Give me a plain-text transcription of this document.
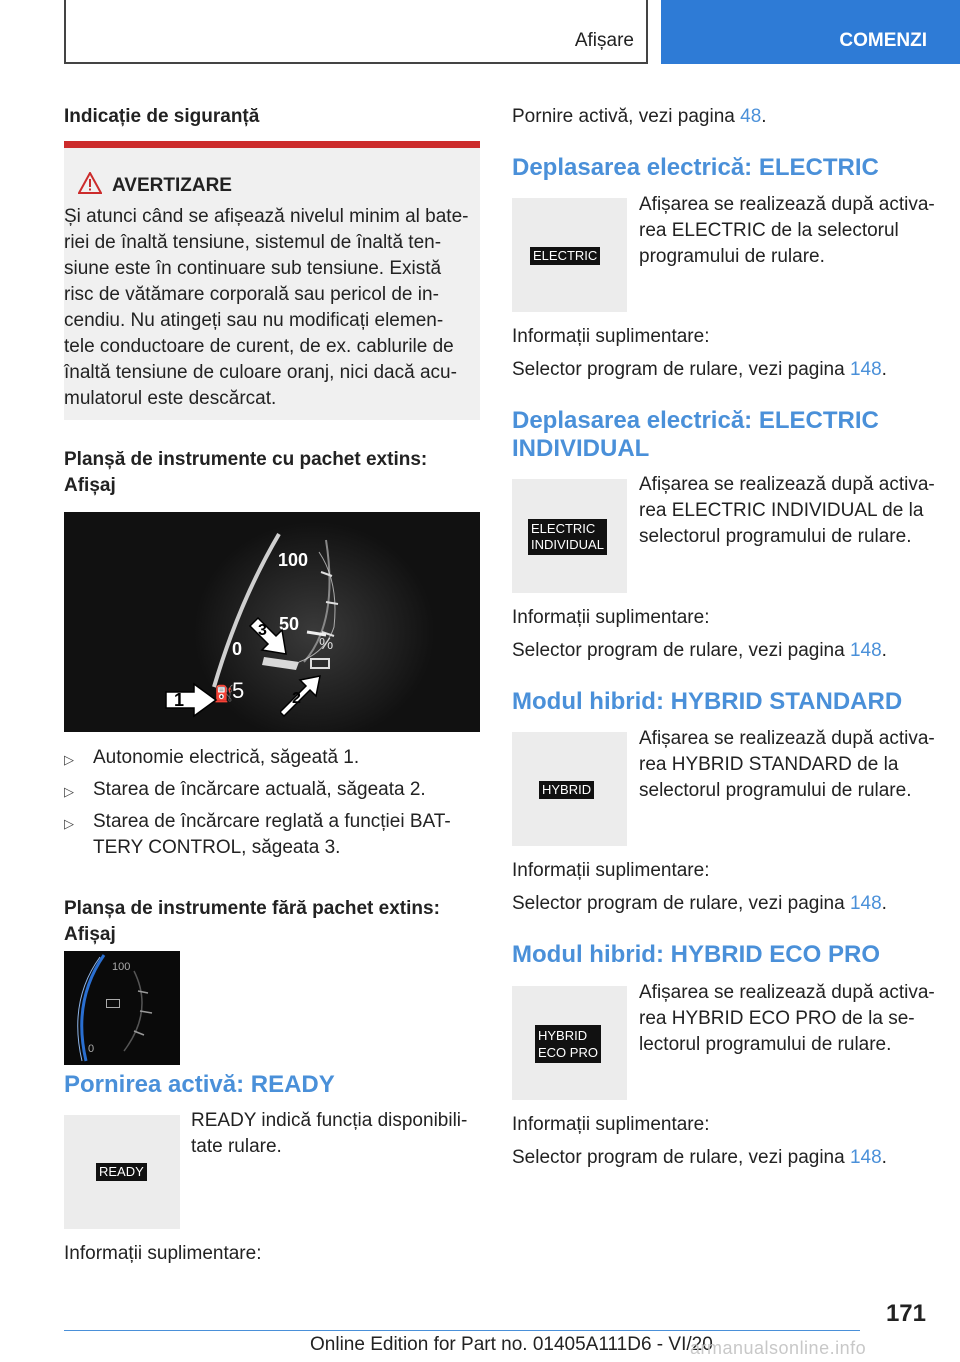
Afișare	COMENZI
Indicație de siguranță
AVERTIZARE
Și atunci când se afișează nivelul minim al bate-
riei de înaltă tensiune, sistemul de înaltă ten-
siune este în continuare sub tensiune. Există
risc de vătămare corporală sau pericol de in-
cendiu. Nu atingeți sau nu modificați elemen-
tele conductoare de curent, de ex. cablurile de
înaltă tensiune de culoare oranj, nici dacă acu-
mulatorul este descărcat.
Planșă de instrumente cu pachet extins:
Afișaj
100
50
0	%
⛽
5
1	2
3
▷ Autonomie electrică, săgeată 1.
▷ Starea de încărcare actuală, săgeata 2.
▷ Starea de încărcare reglată a funcției BAT-
TERY CONTROL, săgeata 3.
Planșa de instrumente fără pachet extins:
Afișaj
100
0
Pornirea activă: READY
READY
READY indică funcția disponibili-
tate rulare.
Informații suplimentare:
Pornire activă, vezi pagina 48.
Deplasarea electrică: ELECTRIC
ELECTRIC
Afișarea se realizează după activa-
rea ELECTRIC de la selectorul
programului de rulare.
Informații suplimentare:
Selector program de rulare, vezi pagina 148.
Deplasarea electrică: ELECTRIC
INDIVIDUAL
ELECTRIC
INDIVIDUAL
Afișarea se realizează după activa-
rea ELECTRIC INDIVIDUAL de la
selectorul programului de rulare.
Informații suplimentare:
Selector program de rulare, vezi pagina 148.
Modul hibrid: HYBRID STANDARD
HYBRID
Afișarea se realizează după activa-
rea HYBRID STANDARD de la
selectorul programului de rulare.
Informații suplimentare:
Selector program de rulare, vezi pagina 148.
Modul hibrid: HYBRID ECO PRO
HYBRID
ECO PRO
Afișarea se realizează după activa-
rea HYBRID ECO PRO de la se-
lectorul programului de rulare.
Informații suplimentare:
Selector program de rulare, vezi pagina 148.
171
Online Edition for Part no. 01405A111D6 - VI/20
armanualsonline.info
